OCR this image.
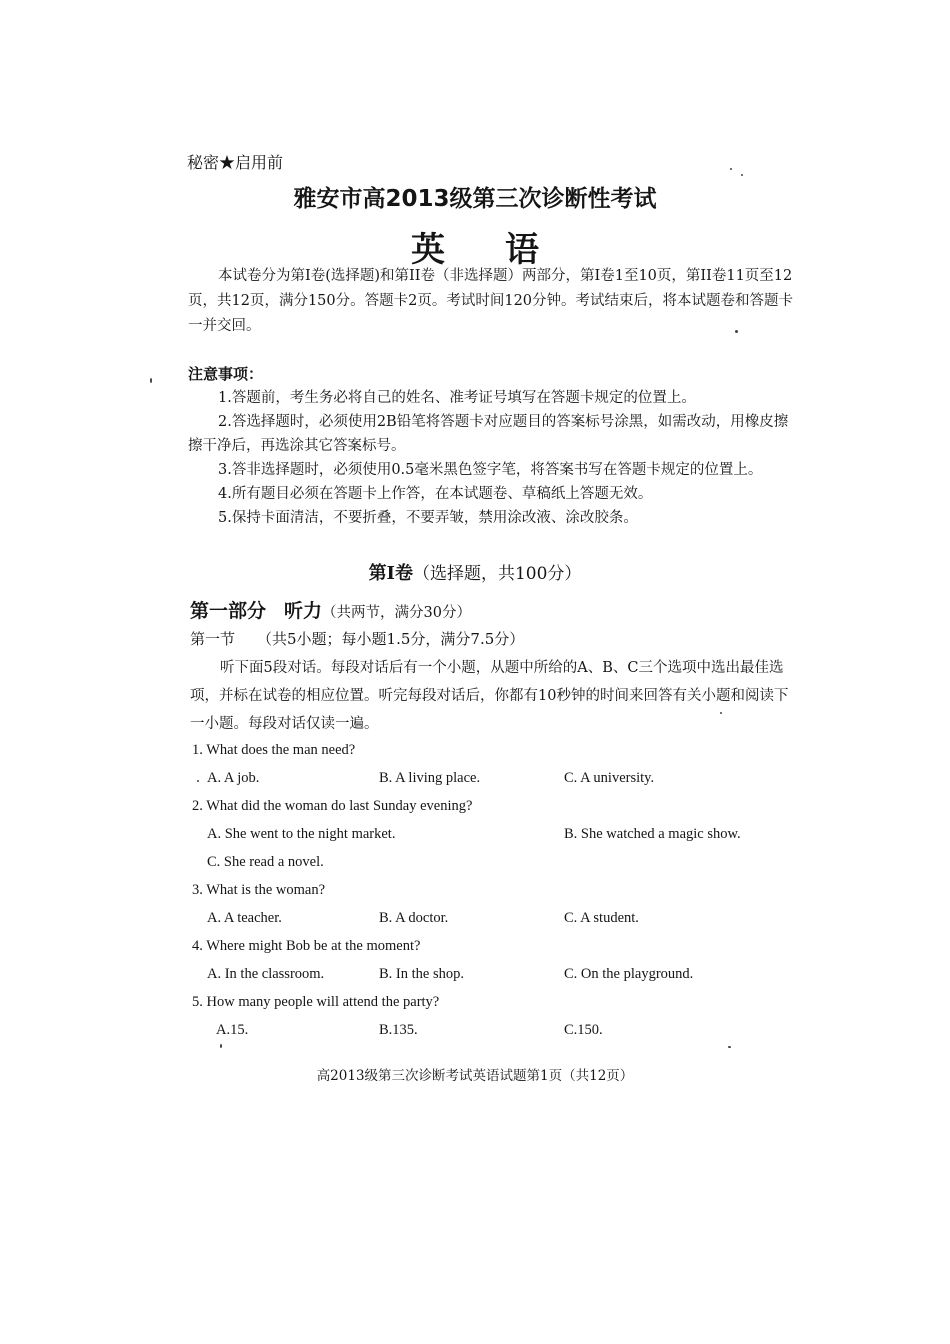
秘密★启用前
雅安市高2013级第三次诊断性考试
英语
本试卷分为第I卷(选择题)和第II卷（非选择题）两部分，第I卷1至10页，第II卷11页至12页，共12页，满分150分。答题卡2页。考试时间120分钟。考试结束后，将本试题卷和答题卡一并交回。
注意事项：
1.答题前，考生务必将自己的姓名、准考证号填写在答题卡规定的位置上。
2.答选择题时，必须使用2B铅笔将答题卡对应题目的答案标号涂黑，如需改动，用橡皮擦擦干净后，再选涂其它答案标号。
3.答非选择题时，必须使用0.5毫米黑色签字笔，将答案书写在答题卡规定的位置上。
4.所有题目必须在答题卡上作答，在本试题卷、草稿纸上答题无效。
5.保持卡面清洁，不要折叠，不要弄皱，禁用涂改液、涂改胶条。
第I卷（选择题，共100分）
第一部分 听力（共两节，满分30分）
第一节 （共5小题；每小题1.5分，满分7.5分）
听下面5段对话。每段对话后有一个小题，从题中所给的A、B、C三个选项中选出最佳选项，并标在试卷的相应位置。听完每段对话后，你都有10秒钟的时间来回答有关小题和阅读下一小题。每段对话仅读一遍。
1. What does the man need?
A. A job.	B. A living place.	C. A university.
2. What did the woman do last Sunday evening?
A. She went to the night market.	B. She watched a magic show.
C. She read a novel.
3. What is the woman?
A. A teacher.	B. A doctor.	C. A student.
4. Where might Bob be at the moment?
A. In the classroom.	B. In the shop.	C. On the playground.
5. How many people will attend the party?
A.15.	B.135.	C.150.
高2013级第三次诊断考试英语试题第1页（共12页）
